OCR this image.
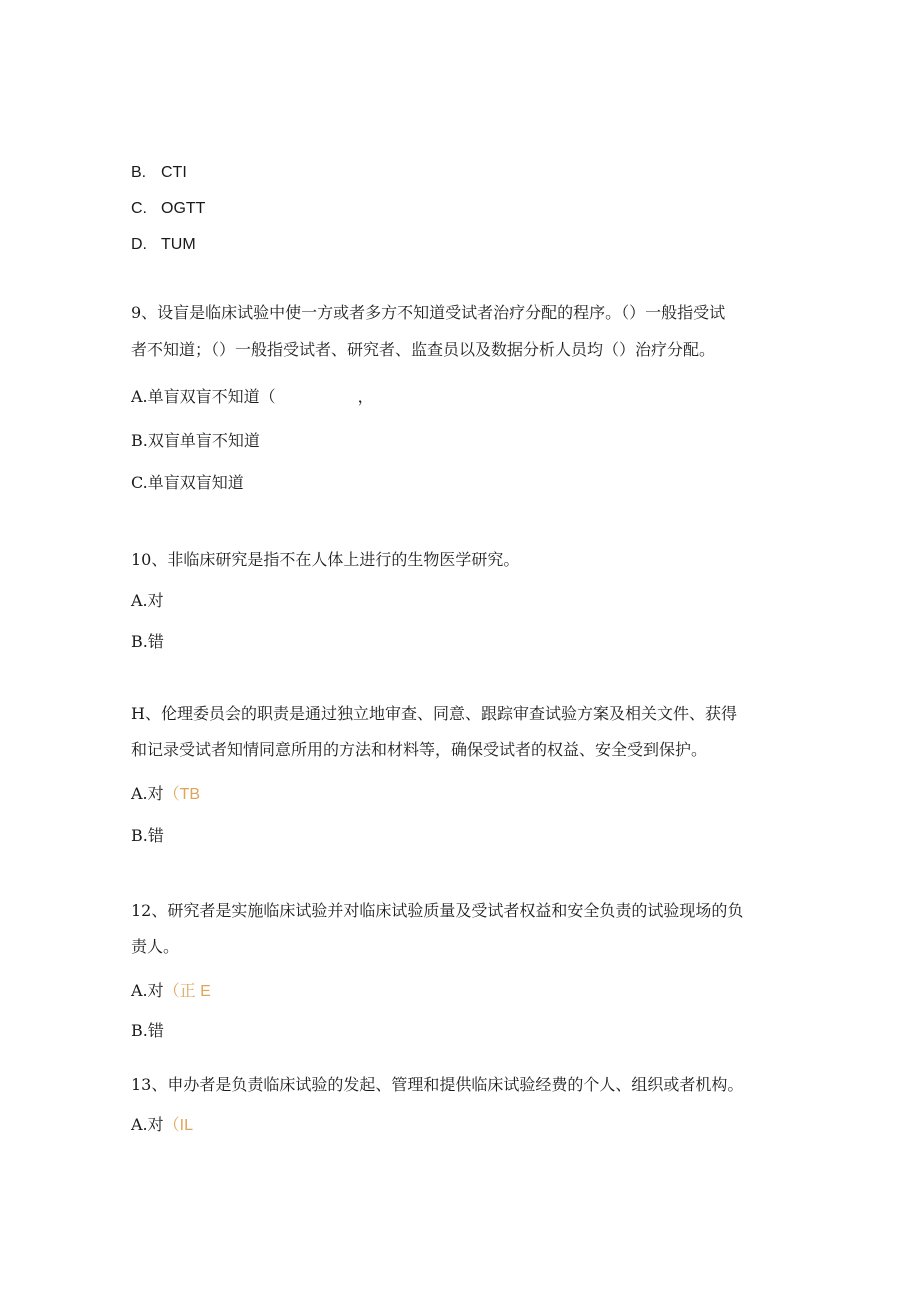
B. CTI
C. OGTT
D. TUM
9、设盲是临床试验中使一方或者多方不知道受试者治疗分配的程序。（）一般指受试
者不知道；（）一般指受试者、研究者、监查员以及数据分析人员均（）治疗分配。
A.单盲双盲不知道（	，
B.双盲单盲不知道
C.单盲双盲知道
10、非临床研究是指不在人体上进行的生物医学研究。
A.对
B.错
H、伦理委员会的职责是通过独立地审查、同意、跟踪审查试验方案及相关文件、获得
和记录受试者知情同意所用的方法和材料等，确保受试者的权益、安全受到保护。
A.对（TB
B.错
12、研究者是实施临床试验并对临床试验质量及受试者权益和安全负责的试验现场的负
责人。
A.对（正 E
B.错
13、申办者是负责临床试验的发起、管理和提供临床试验经费的个人、组织或者机构。
A.对（IL
